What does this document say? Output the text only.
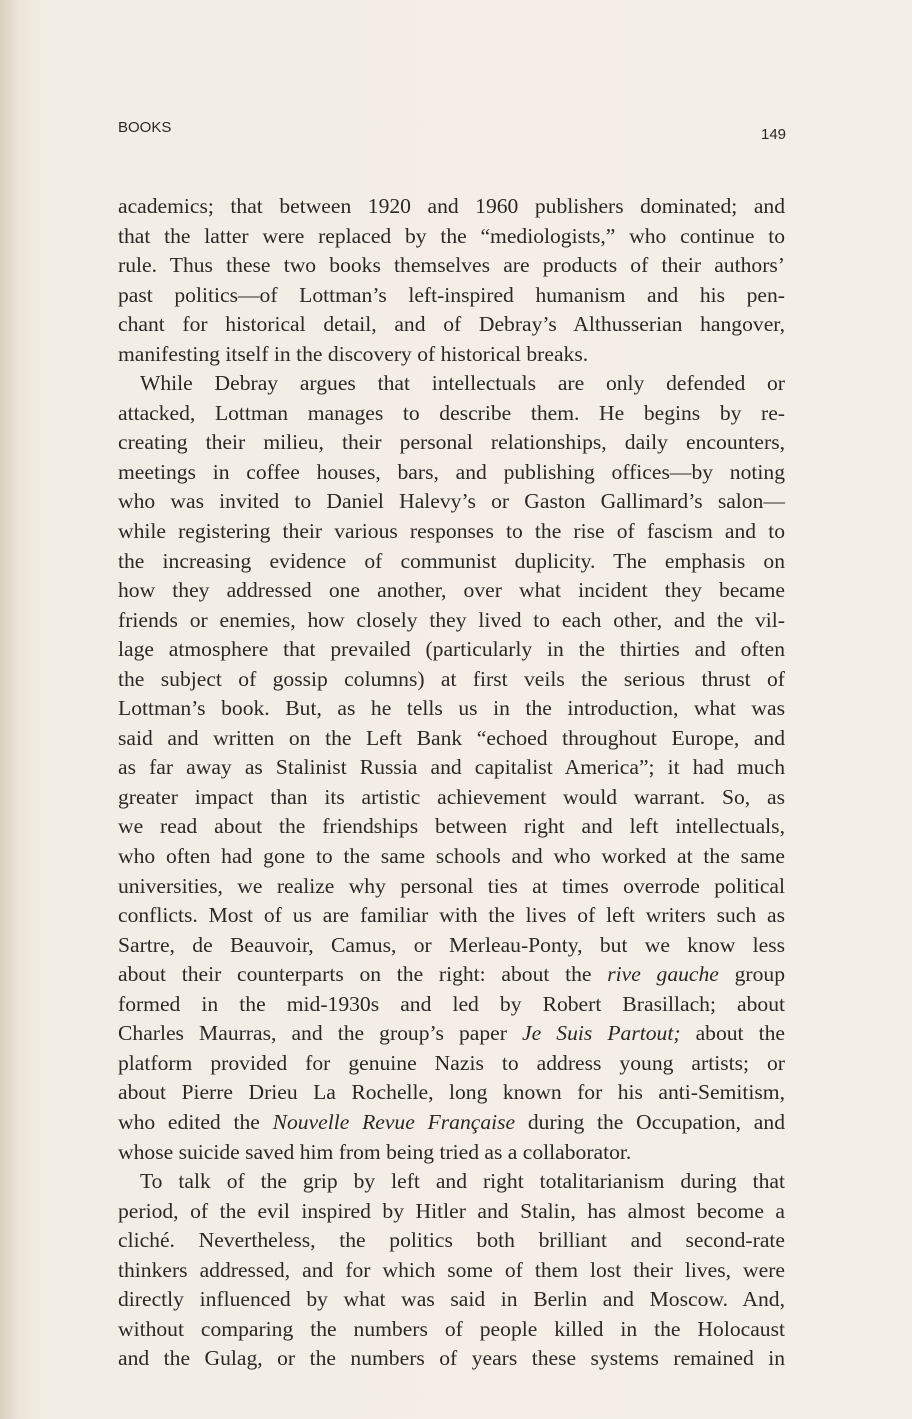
BOOKS	149
academics; that between 1920 and 1960 publishers dominated; and
that the latter were replaced by the “mediologists,” who continue to
rule. Thus these two books themselves are products of their authors’
past politics—of Lottman’s left-inspired humanism and his pen-
chant for historical detail, and of Debray’s Althusserian hangover,
manifesting itself in the discovery of historical breaks.
While Debray argues that intellectuals are only defended or
attacked, Lottman manages to describe them. He begins by re-
creating their milieu, their personal relationships, daily encounters,
meetings in coffee houses, bars, and publishing offices—by noting
who was invited to Daniel Halevy’s or Gaston Gallimard’s salon—
while registering their various responses to the rise of fascism and to
the increasing evidence of communist duplicity. The emphasis on
how they addressed one another, over what incident they became
friends or enemies, how closely they lived to each other, and the vil-
lage atmosphere that prevailed (particularly in the thirties and often
the subject of gossip columns) at first veils the serious thrust of
Lottman’s book. But, as he tells us in the introduction, what was
said and written on the Left Bank “echoed throughout Europe, and
as far away as Stalinist Russia and capitalist America”; it had much
greater impact than its artistic achievement would warrant. So, as
we read about the friendships between right and left intellectuals,
who often had gone to the same schools and who worked at the same
universities, we realize why personal ties at times overrode political
conflicts. Most of us are familiar with the lives of left writers such as
Sartre, de Beauvoir, Camus, or Merleau-Ponty, but we know less
about their counterparts on the right: about the rive gauche group
formed in the mid-1930s and led by Robert Brasillach; about
Charles Maurras, and the group’s paper Je Suis Partout; about the
platform provided for genuine Nazis to address young artists; or
about Pierre Drieu La Rochelle, long known for his anti-Semitism,
who edited the Nouvelle Revue Française during the Occupation, and
whose suicide saved him from being tried as a collaborator.
To talk of the grip by left and right totalitarianism during that
period, of the evil inspired by Hitler and Stalin, has almost become a
cliché. Nevertheless, the politics both brilliant and second-rate
thinkers addressed, and for which some of them lost their lives, were
directly influenced by what was said in Berlin and Moscow. And,
without comparing the numbers of people killed in the Holocaust
and the Gulag, or the numbers of years these systems remained in
